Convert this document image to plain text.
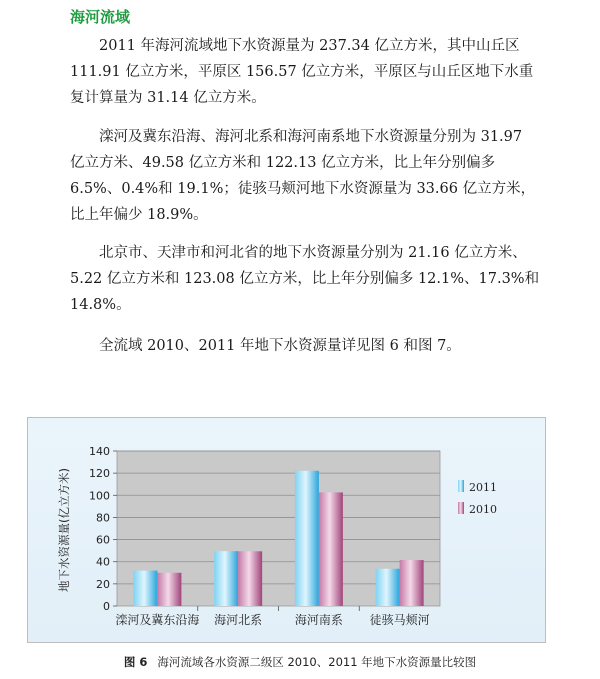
海河流域

2011 年海河流域地下水资源量为 237.34 亿立方米，其中山丘区 111.91 亿立方米，平原区 156.57 亿立方米，平原区与山丘区地下水重复计算量为 31.14 亿立方米。

滦河及冀东沿海、海河北系和海河南系地下水资源量分别为 31.97 亿立方米、49.58 亿立方米和 122.13 亿立方米，比上年分别偏多 6.5%、0.4%和 19.1%；徒骇马颊河地下水资源量为 33.66 亿立方米，比上年偏少 18.9%。

北京市、天津市和河北省的地下水资源量分别为 21.16 亿立方米、5.22 亿立方米和 123.08 亿立方米，比上年分别偏多 12.1%、17.3%和 14.8%。

全流域 2010、2011 年地下水资源量详见图 6 和图 7。

0
20
40
60
80
100
120
140
滦河及冀东沿海 海河北系	海河南系 徒骇马颊河
地下水资源量(亿立方米)	2011
2010
图 6 海河流域各水资源二级区 2010、2011 年地下水资源量比较图
